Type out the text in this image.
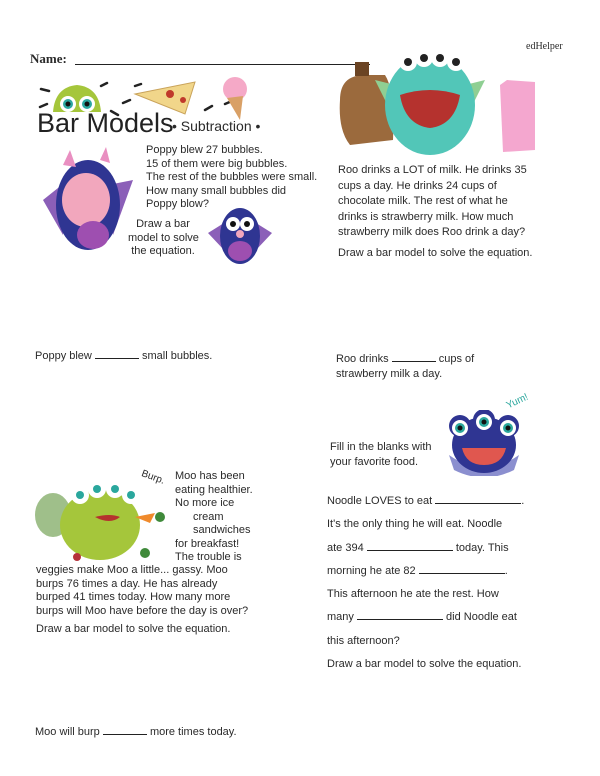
edHelper
Name:
Bar Models
• Subtraction •
Poppy blew 27 bubbles.
15 of them were big bubbles.
The rest of the bubbles were small.
How many small bubbles did
Poppy blow?
Draw a bar
model to solve
the equation.
Poppy blew	small bubbles.
Roo drinks a LOT of milk. He drinks 35
cups a day. He drinks 24 cups of
chocolate milk. The rest of what he
drinks is strawberry milk. How much
strawberry milk does Roo drink a day?
Draw a bar model to solve the equation.
Roo drinks	cups of
strawberry milk a day.
Yum!
Fill in the blanks with
your favorite food.
Noodle LOVES to eat	.
It's the only thing he will eat. Noodle
ate 394	today. This
morning he ate 82	.
This afternoon he ate the rest. How
many	did Noodle eat
this afternoon?
Draw a bar model to solve the equation.
Burp. Moo has been
eating healthier.
No more ice
cream
sandwiches
for breakfast!
The trouble is
veggies make Moo a little... gassy. Moo
burps 76 times a day. He has already
burped 41 times today. How many more
burps will Moo have before the day is over?
Draw a bar model to solve the equation.
Moo will burp	more times today.
